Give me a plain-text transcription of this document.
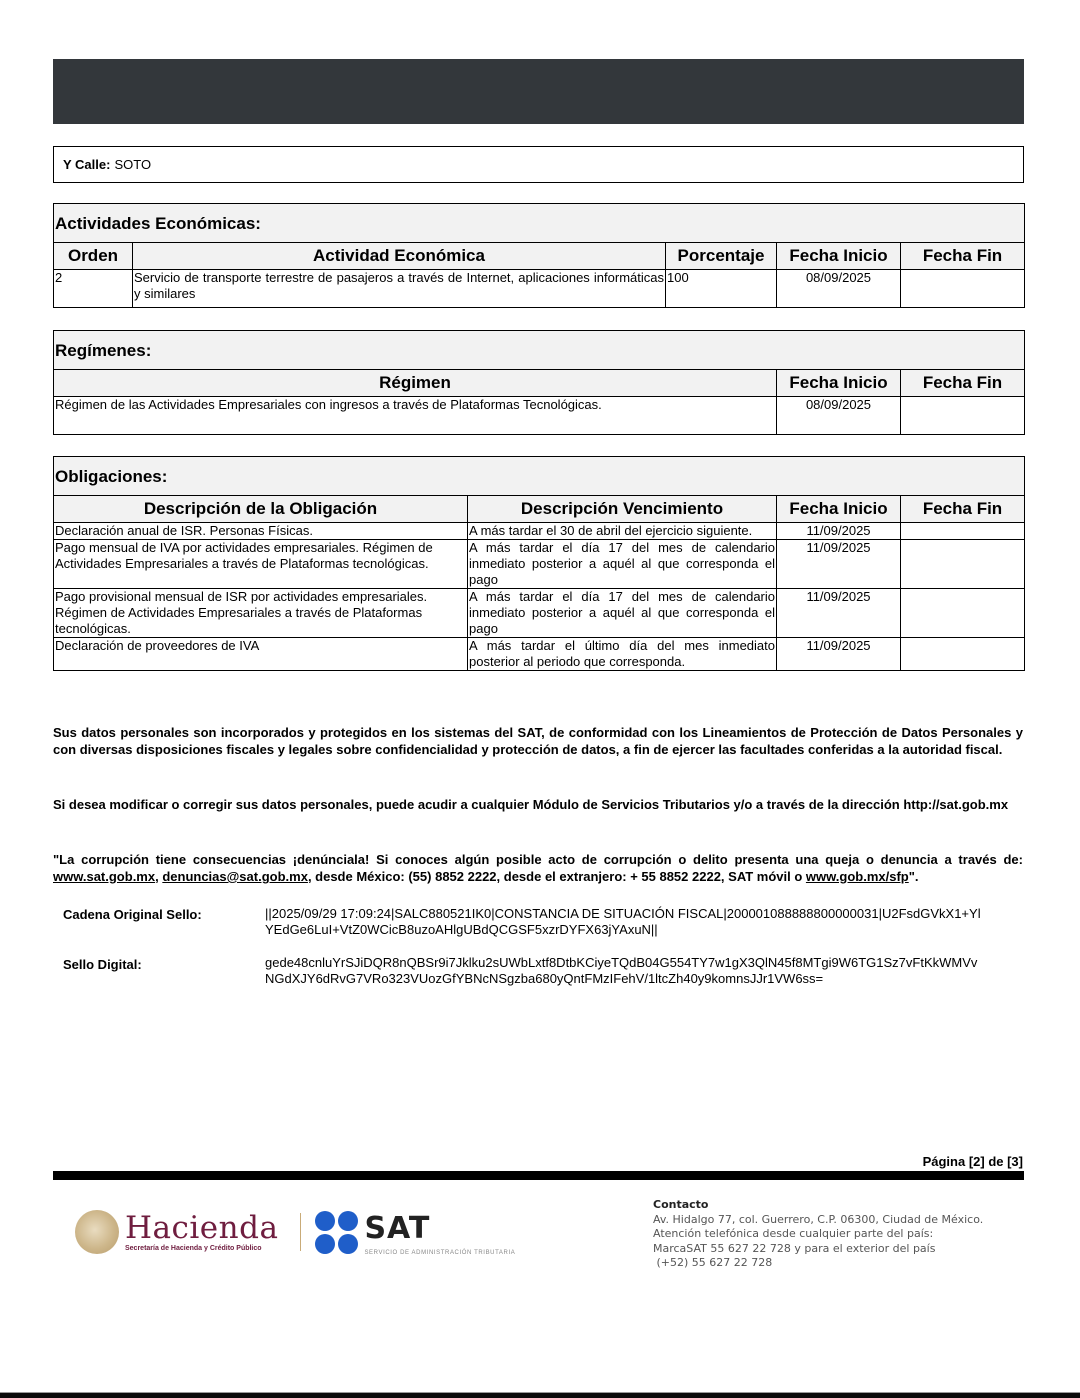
Y Calle: SOTO
Actividades Económicas:				
Orden	Actividad Económica	Porcentaje	Fecha Inicio	Fecha Fin
2	Servicio de transporte terrestre de pasajeros a través de Internet, aplicaciones informáticas y similares	100	08/09/2025	
Regímenes:		
Régimen	Fecha Inicio	Fecha Fin
Régimen de las Actividades Empresariales con ingresos a través de Plataformas Tecnológicas.	08/09/2025	
Obligaciones:			
Descripción de la Obligación	Descripción Vencimiento	Fecha Inicio	Fecha Fin
Declaración anual de ISR. Personas Físicas.	A más tardar el 30 de abril del ejercicio siguiente.	11/09/2025	
Pago mensual de IVA por actividades empresariales. Régimen de Actividades Empresariales a través de Plataformas tecnológicas.	A más tardar el día 17 del mes de calendario inmediato posterior a aquél al que corresponda el pago	11/09/2025	
Pago provisional mensual de ISR por actividades empresariales. Régimen de Actividades Empresariales a través de Plataformas tecnológicas.	A más tardar el día 17 del mes de calendario inmediato posterior a aquél al que corresponda el pago	11/09/2025	
Declaración de proveedores de IVA	A más tardar el último día del mes inmediato posterior al periodo que corresponda.	11/09/2025	
Sus datos personales son incorporados y protegidos en los sistemas del SAT, de conformidad con los Lineamientos de Protección de Datos Personales y con diversas disposiciones fiscales y legales sobre confidencialidad y protección de datos, a fin de ejercer las facultades conferidas a la autoridad fiscal.
Si desea modificar o corregir sus datos personales, puede acudir a cualquier Módulo de Servicios Tributarios y/o a través de la dirección http://sat.gob.mx
"La corrupción tiene consecuencias ¡denúnciala! Si conoces algún posible acto de corrupción o delito presenta una queja o denuncia a través de: www.sat.gob.mx, denuncias@sat.gob.mx, desde México: (55) 8852 2222, desde el extranjero: + 55 8852 2222, SAT móvil o www.gob.mx/sfp".
Cadena Original Sello:	||2025/09/29 17:09:24|SALC880521IK0|CONSTANCIA DE SITUACIÓN FISCAL|200001088888800000031|U2FsdGVkX1+YlYEdGe6LuI+VtZ0WCicB8uzoAHlgUBdQCGSF5xzrDYFX63jYAxuN||
Sello Digital:	gede48cnluYrSJiDQR8nQBSr9i7Jklku2sUWbLxtf8DtbKCiyeTQdB04G554TY7w1gX3QlN45f8MTgi9W6TG1Sz7vFtKkWMVvNGdXJY6dRvG7VRo323VUozGfYBNcNSgzba680yQntFMzIFehV/1ltcZh40y9komnsJJr1VW6ss=
Página [2] de [3]
Hacienda
Secretaría de Hacienda y Crédito Público
SAT
SERVICIO DE ADMINISTRACIÓN TRIBUTARIA
Contacto
Av. Hidalgo 77, col. Guerrero, C.P. 06300, Ciudad de México.
Atención telefónica desde cualquier parte del país:
MarcaSAT 55 627 22 728 y para el exterior del país
(+52) 55 627 22 728
